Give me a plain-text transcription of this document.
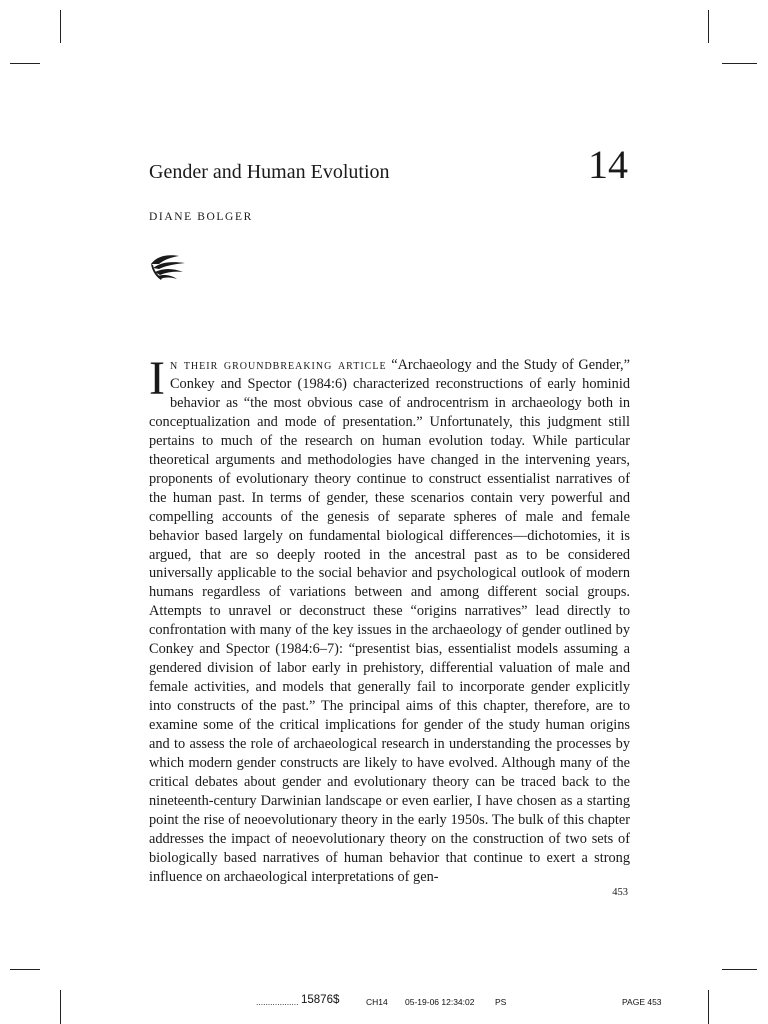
Gender and Human Evolution	14
DIANE BOLGER

In their groundbreaking article “Archaeology and the Study of Gender,” Conkey and Spector (1984:6) characterized reconstructions of early hominid behavior as “the most obvious case of androcentrism in archaeology both in conceptualization and mode of presentation.” Unfortunately, this judgment still pertains to much of the research on human evolution today. While particular theoretical arguments and methodologies have changed in the intervening years, proponents of evolutionary theory continue to construct essentialist narratives of the human past. In terms of gender, these scenarios contain very powerful and compelling accounts of the genesis of separate spheres of male and female behavior based largely on fundamental biological differences—dichotomies, it is argued, that are so deeply rooted in the ancestral past as to be considered universally applicable to the social behavior and psychological outlook of modern humans regardless of variations between and among different social groups. Attempts to unravel or deconstruct these “origins narratives” lead directly to confrontation with many of the key issues in the archaeology of gender outlined by Conkey and Spector (1984:6–7): “presentist bias, essentialist models assuming a gendered division of labor early in prehistory, differential valuation of male and female activities, and models that generally fail to incorporate gender explicitly into constructs of the past.” The principal aims of this chapter, therefore, are to examine some of the critical implications for gender of the study human origins and to assess the role of archaeological research in understanding the processes by which modern gender constructs are likely to have evolved. Although many of the critical debates about gender and evolutionary theory can be traced back to the nineteenth-century Darwinian landscape or even earlier, I have chosen as a starting point the rise of neoevolutionary theory in the early 1950s. The bulk of this chapter addresses the impact of neoevolutionary theory on the construction of two sets of biologically based narratives of human behavior that continue to exert a strong influence on archaeological interpretations of gen-

453
.................. 15876$	CH14 05-19-06 12:34:02 PS	PAGE 453
